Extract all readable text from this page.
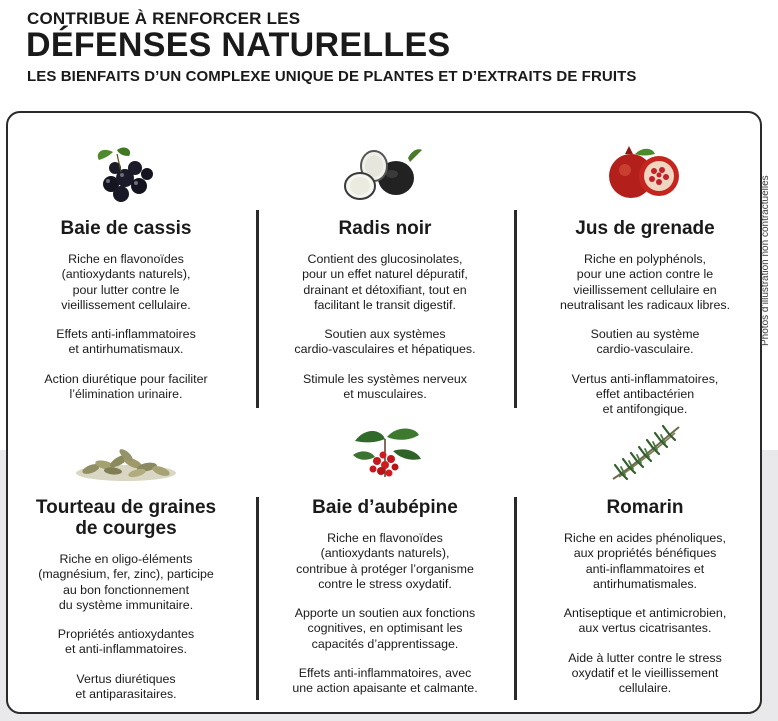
CONTRIBUE À RENFORCER LES
DÉFENSES NATURELLES
LES BIENFAITS D’UN COMPLEXE UNIQUE DE PLANTES ET D’EXTRAITS DE FRUITS
Baie de cassis
Riche en flavonoïdes
(antioxydants naturels),
pour lutter contre le
vieillissement cellulaire.
Effets anti-inflammatoires
et antirhumatismaux.
Action diurétique pour faciliter
l’élimination urinaire.
Radis noir
Contient des glucosinolates,
pour un effet naturel dépuratif,
drainant et détoxifiant, tout en
facilitant le transit digestif.
Soutien aux systèmes
cardio-vasculaires et hépatiques.
Stimule les systèmes nerveux
et musculaires.
Jus de grenade
Riche en polyphénols,
pour une action contre le
vieillissement cellulaire en
neutralisant les radicaux libres.
Soutien au système
cardio-vasculaire.
Vertus anti-inflammatoires,
effet antibactérien
et antifongique.
Tourteau de graines
de courges
Riche en oligo-éléments
(magnésium, fer, zinc), participe
au bon fonctionnement
du système immunitaire.
Propriétés antioxydantes
et anti-inflammatoires.
Vertus diurétiques
et antiparasitaires.
Baie d’aubépine
Riche en flavonoïdes
(antioxydants naturels),
contribue à protéger l’organisme
contre le stress oxydatif.
Apporte un soutien aux fonctions
cognitives, en optimisant les
capacités d’apprentissage.
Effets anti-inflammatoires, avec
une action apaisante et calmante.
Romarin
Riche en acides phénoliques,
aux propriétés bénéfiques
anti-inflammatoires et
antirhumatismales.
Antiseptique et antimicrobien,
aux vertus cicatrisantes.
Aide à lutter contre le stress
oxydatif et le vieillissement
cellulaire.
Photos d’illustration non contractuelles
